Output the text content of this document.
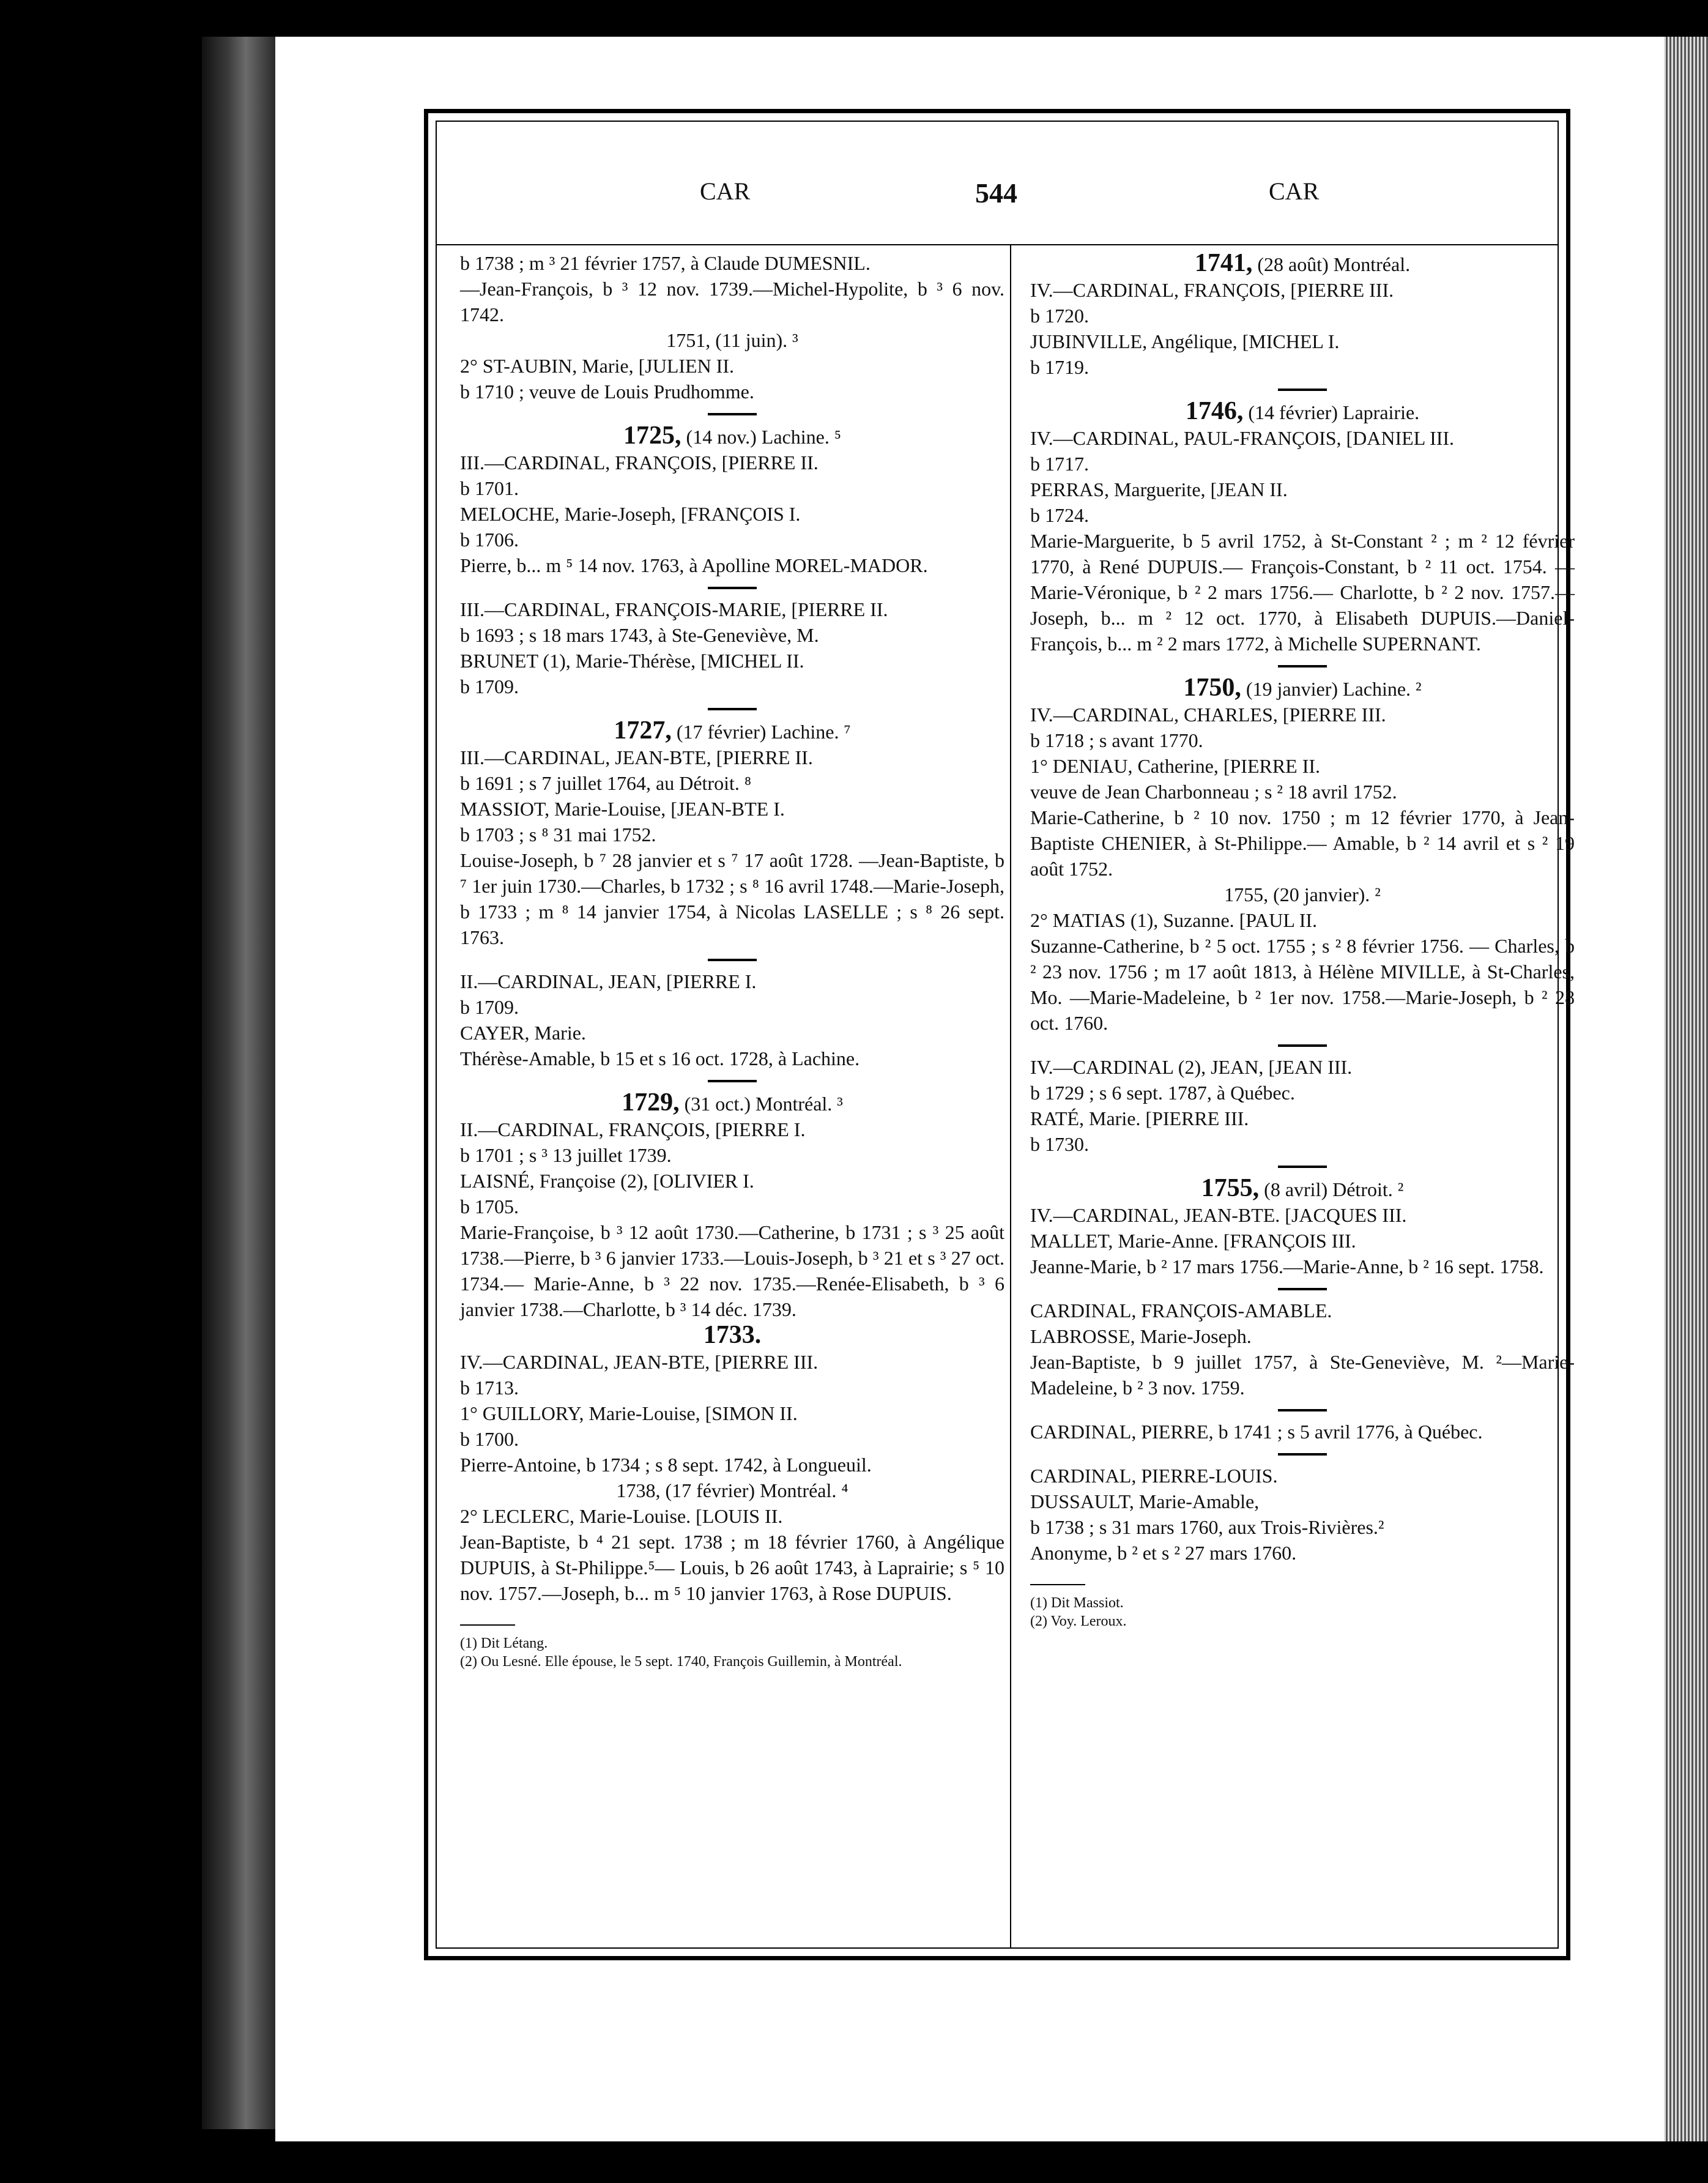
CAR	544	CAR

b 1738 ; m ³ 21 février 1757, à Claude DUMESNIL.

—Jean-François, b ³ 12 nov. 1739.—Michel-Hypolite, b ³ 6 nov. 1742.

1751, (11 juin). ³

2° ST-AUBIN, Marie, [JULIEN II.

b 1710 ; veuve de Louis Prudhomme.

1725, (14 nov.) Lachine. ⁵

III.—CARDINAL, FRANÇOIS, [PIERRE II.

b 1701.

MELOCHE, Marie-Joseph, [FRANÇOIS I.

b 1706.

Pierre, b... m ⁵ 14 nov. 1763, à Apolline MOREL-MADOR.

III.—CARDINAL, FRANÇOIS-MARIE, [PIERRE II.

b 1693 ; s 18 mars 1743, à Ste-Geneviève, M.

BRUNET (1), Marie-Thérèse, [MICHEL II.

b 1709.

1727, (17 février) Lachine. ⁷

III.—CARDINAL, JEAN-BTE, [PIERRE II.

b 1691 ; s 7 juillet 1764, au Détroit. ⁸

MASSIOT, Marie-Louise, [JEAN-BTE I.

b 1703 ; s ⁸ 31 mai 1752.

Louise-Joseph, b ⁷ 28 janvier et s ⁷ 17 août 1728. —Jean-Baptiste, b ⁷ 1er juin 1730.—Charles, b 1732 ; s ⁸ 16 avril 1748.—Marie-Joseph, b 1733 ; m ⁸ 14 janvier 1754, à Nicolas LASELLE ; s ⁸ 26 sept. 1763.

II.—CARDINAL, JEAN, [PIERRE I.

b 1709.

CAYER, Marie.

Thérèse-Amable, b 15 et s 16 oct. 1728, à Lachine.

1729, (31 oct.) Montréal. ³

II.—CARDINAL, FRANÇOIS, [PIERRE I.

b 1701 ; s ³ 13 juillet 1739.

LAISNÉ, Françoise (2), [OLIVIER I.

b 1705.

Marie-Françoise, b ³ 12 août 1730.—Catherine, b 1731 ; s ³ 25 août 1738.—Pierre, b ³ 6 janvier 1733.—Louis-Joseph, b ³ 21 et s ³ 27 oct. 1734.— Marie-Anne, b ³ 22 nov. 1735.—Renée-Elisabeth, b ³ 6 janvier 1738.—Charlotte, b ³ 14 déc. 1739.

1733.

IV.—CARDINAL, JEAN-BTE, [PIERRE III.

b 1713.

1° GUILLORY, Marie-Louise, [SIMON II.

b 1700.

Pierre-Antoine, b 1734 ; s 8 sept. 1742, à Longueuil.

1738, (17 février) Montréal. ⁴

2° LECLERC, Marie-Louise. [LOUIS II.

Jean-Baptiste, b ⁴ 21 sept. 1738 ; m 18 février 1760, à Angélique DUPUIS, à St-Philippe.⁵— Louis, b 26 août 1743, à Laprairie; s ⁵ 10 nov. 1757.—Joseph, b... m ⁵ 10 janvier 1763, à Rose DUPUIS.

(1) Dit Létang.

(2) Ou Lesné. Elle épouse, le 5 sept. 1740, François Guillemin, à Montréal.

1741, (28 août) Montréal.

IV.—CARDINAL, FRANÇOIS, [PIERRE III.

b 1720.

JUBINVILLE, Angélique, [MICHEL I.

b 1719.

1746, (14 février) Laprairie.

IV.—CARDINAL, PAUL-FRANÇOIS, [DANIEL III.

b 1717.

PERRAS, Marguerite, [JEAN II.

b 1724.

Marie-Marguerite, b 5 avril 1752, à St-Constant ² ; m ² 12 février 1770, à René DUPUIS.— François-Constant, b ² 11 oct. 1754. — Marie-Véronique, b ² 2 mars 1756.— Charlotte, b ² 2 nov. 1757.—Joseph, b... m ² 12 oct. 1770, à Elisabeth DUPUIS.—Daniel-François, b... m ² 2 mars 1772, à Michelle SUPERNANT.

1750, (19 janvier) Lachine. ²

IV.—CARDINAL, CHARLES, [PIERRE III.

b 1718 ; s avant 1770.

1° DENIAU, Catherine, [PIERRE II.

veuve de Jean Charbonneau ; s ² 18 avril 1752.

Marie-Catherine, b ² 10 nov. 1750 ; m 12 février 1770, à Jean-Baptiste CHENIER, à St-Philippe.— Amable, b ² 14 avril et s ² 19 août 1752.

1755, (20 janvier). ²

2° MATIAS (1), Suzanne. [PAUL II.

Suzanne-Catherine, b ² 5 oct. 1755 ; s ² 8 février 1756. — Charles, b ² 23 nov. 1756 ; m 17 août 1813, à Hélène MIVILLE, à St-Charles, Mo. —Marie-Madeleine, b ² 1er nov. 1758.—Marie-Joseph, b ² 28 oct. 1760.

IV.—CARDINAL (2), JEAN, [JEAN III.

b 1729 ; s 6 sept. 1787, à Québec.

RATÉ, Marie. [PIERRE III.

b 1730.

1755, (8 avril) Détroit. ²

IV.—CARDINAL, JEAN-BTE. [JACQUES III.

MALLET, Marie-Anne. [FRANÇOIS III.

Jeanne-Marie, b ² 17 mars 1756.—Marie-Anne, b ² 16 sept. 1758.

CARDINAL, FRANÇOIS-AMABLE.

LABROSSE, Marie-Joseph.

Jean-Baptiste, b 9 juillet 1757, à Ste-Geneviève, M. ²—Marie-Madeleine, b ² 3 nov. 1759.

CARDINAL, PIERRE, b 1741 ; s 5 avril 1776, à Québec.

CARDINAL, PIERRE-LOUIS.

DUSSAULT, Marie-Amable,

b 1738 ; s 31 mars 1760, aux Trois-Rivières.²

Anonyme, b ² et s ² 27 mars 1760.

(1) Dit Massiot.

(2) Voy. Leroux.
